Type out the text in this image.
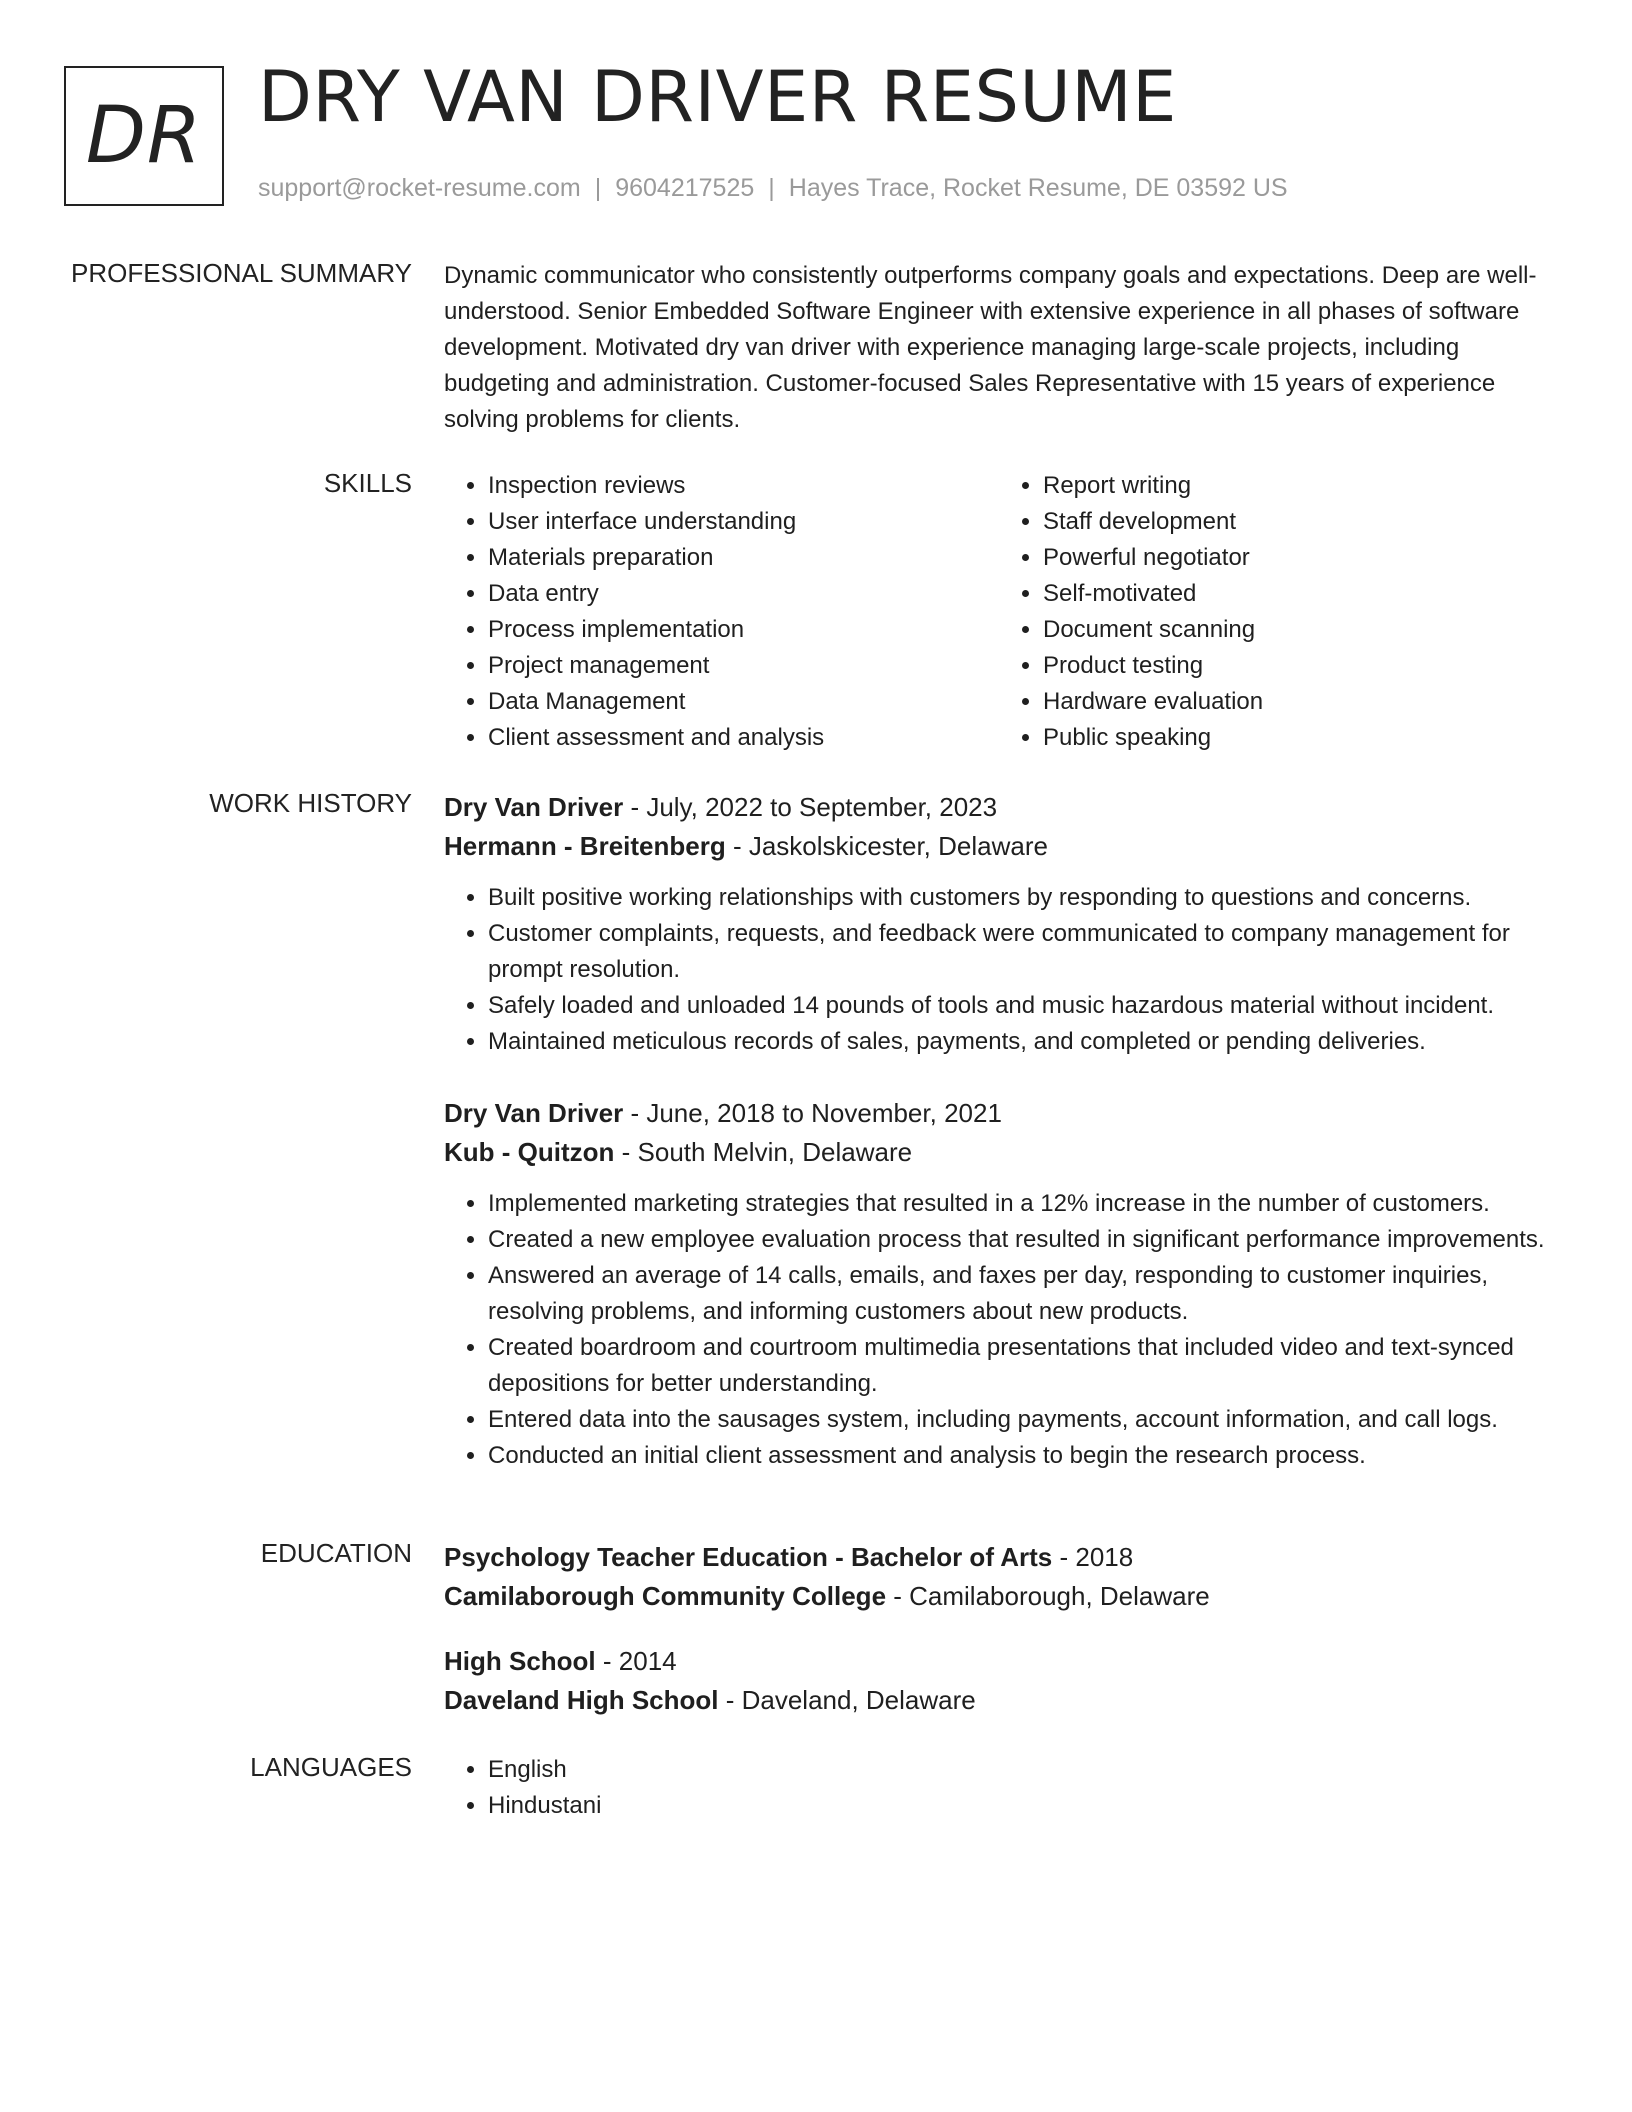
DR DRY VAN DRIVER RESUME
support@rocket-resume.com | 9604217525 | Hayes Trace, Rocket Resume, DE 03592 US
PROFESSIONAL SUMMARY Dynamic communicator who consistently outperforms company goals and expectations. Deep are well-understood. Senior Embedded Software Engineer with extensive experience in all phases of software development. Motivated dry van driver with experience managing large-scale projects, including budgeting and administration. Customer-focused Sales Representative with 15 years of experience solving problems for clients.

SKILLS	• Inspection reviews
• User interface understanding
• Materials preparation
• Data entry
• Process implementation
• Project management
• Data Management
• Client assessment and analysis
• Report writing
• Staff development
• Powerful negotiator
• Self-motivated
• Document scanning
• Product testing
• Hardware evaluation
• Public speaking
WORK HISTORY Dry Van Driver - July, 2022 to September, 2023
Hermann - Breitenberg - Jaskolskicester, Delaware
• Built positive working relationships with customers by responding to questions and concerns.
• Customer complaints, requests, and feedback were communicated to company management for prompt resolution.
• Safely loaded and unloaded 14 pounds of tools and music hazardous material without incident.
• Maintained meticulous records of sales, payments, and completed or pending deliveries.
Dry Van Driver - June, 2018 to November, 2021
Kub - Quitzon - South Melvin, Delaware
• Implemented marketing strategies that resulted in a 12% increase in the number of customers.
• Created a new employee evaluation process that resulted in significant performance improvements.
• Answered an average of 14 calls, emails, and faxes per day, responding to customer inquiries, resolving problems, and informing customers about new products.
• Created boardroom and courtroom multimedia presentations that included video and text-synced depositions for better understanding.
• Entered data into the sausages system, including payments, account information, and call logs.
• Conducted an initial client assessment and analysis to begin the research process.
EDUCATION Psychology Teacher Education - Bachelor of Arts - 2018
Camilaborough Community College - Camilaborough, Delaware
High School - 2014
Daveland High School - Daveland, Delaware
LANGUAGES	• English
• Hindustani
